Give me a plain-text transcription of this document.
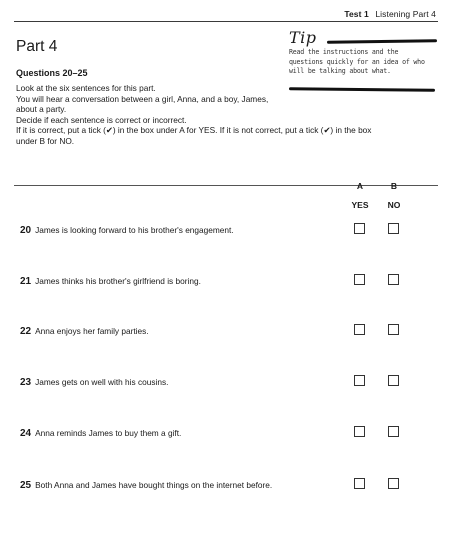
Test 1 Listening Part 4
Part 4
Questions 20–25
Look at the six sentences for this part.
You will hear a conversation between a girl, Anna, and a boy, James,
about a party.
Decide if each sentence is correct or incorrect.
If it is correct, put a tick (✔) in the box under A for YES. If it is not correct, put a tick (✔) in the box
under B for NO.
Tip
Read the instructions and the
questions quickly for an idea of who
will be talking about what.
A	B
YES	NO
20 James is looking forward to his brother's engagement.
21 James thinks his brother's girlfriend is boring.
22 Anna enjoys her family parties.
23 James gets on well with his cousins.
24 Anna reminds James to buy them a gift.
25 Both Anna and James have bought things on the internet before.
